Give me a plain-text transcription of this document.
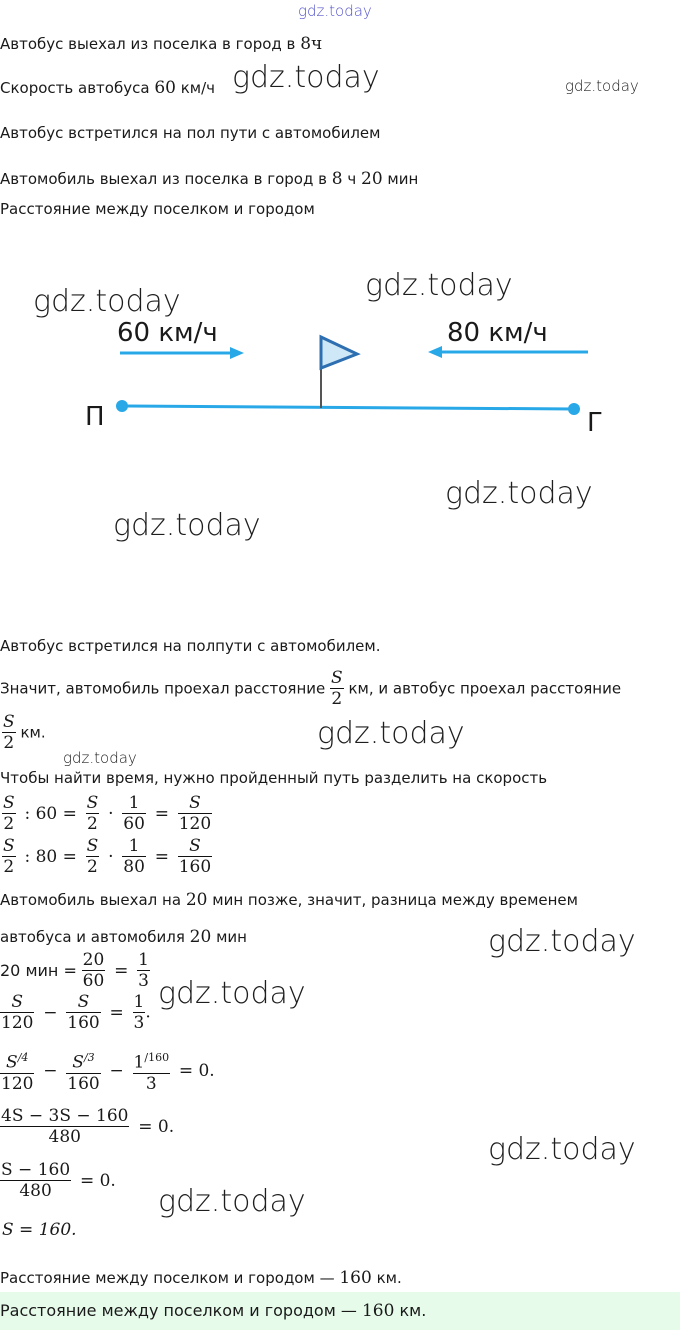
gdz.today
gdz.today	gdz.today
gdz.today	gdz.today
gdz.today
gdz.today
gdz.today
gdz.today
gdz.today
gdz.today
gdz.today
gdz.today
Автобус выехал из поселка в город в 8ч
Скорость автобуса 60 км/ч
Автобус встретился на пол пути с автомобилем
Автомобиль выехал из поселка в город в 8 ч 20 мин
Расстояние между поселком и городом
60 км/ч	80 км/ч
П	Г
Автобус встретился на полпути с автомобилем.
Значит, автомобиль проехал расстояние $\frac{S}{2}$ км, и автобус проехал расстояние
$\frac{S}{2}$ км.
Чтобы найти время, нужно пройденный путь разделить на скорость
$\frac{S}{2}$ : $60 = \frac{S}{2} \cdot \frac{1}{60} = \frac{S}{120}$
$\frac{S}{2}$ : $80 = \frac{S}{2} \cdot \frac{1}{80} = \frac{S}{160}$
Автомобиль выехал на 20 мин позже, значит, разница между временем
автобуса и автомобиля 20 мин
20 мин = $\frac{20}{60} = \frac{1}{3}$
$\frac{S}{120} - \frac{S}{160} = \frac{1}{3}$ .
$\frac{S^{/4}}{120} - \frac{S^{/3}}{160} - \frac{1^{/160}}{3} = 0$.
$\frac{4S - 3S - 160}{480} = 0$.
$\frac{S - 160}{480} = 0$.
S = 160.
Расстояние между поселком и городом — 160 км.
Расстояние между поселком и городом — 160 км.
